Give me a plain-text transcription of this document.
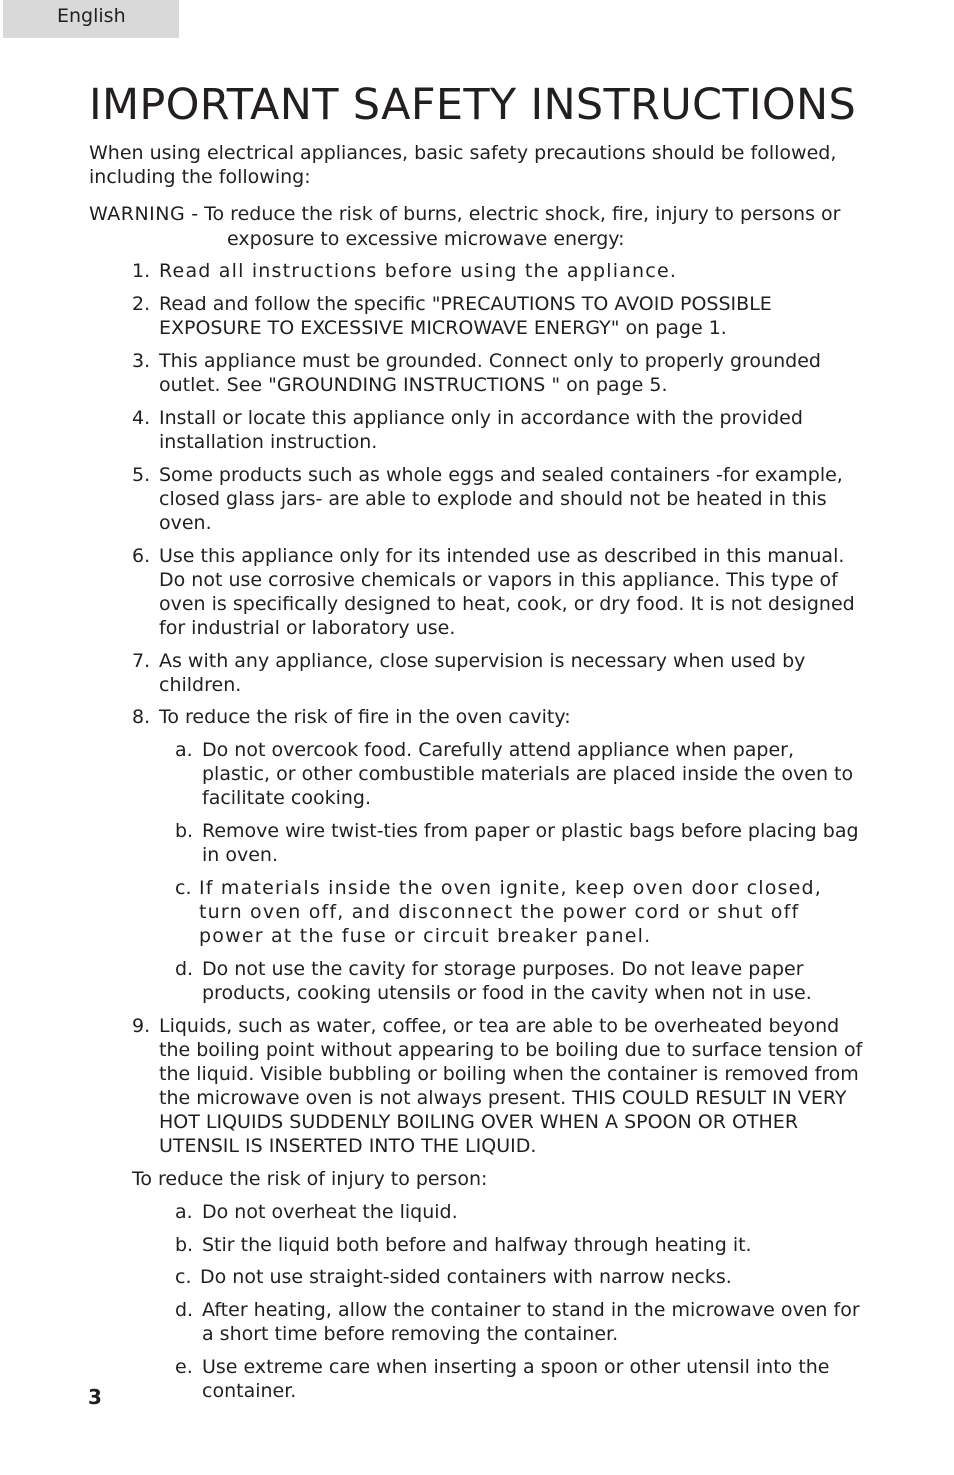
English
IMPORTANT SAFETY INSTRUCTIONS
When using electrical appliances, basic safety precautions should be followed,
including the following:
WARNING - To reduce the risk of burns, electric shock, fire, injury to persons or
exposure to excessive microwave energy:
1. Read all instructions before using the appliance.
2. Read and follow the specific "PRECAUTIONS TO AVOID POSSIBLE
EXPOSURE TO EXCESSIVE MICROWAVE ENERGY" on page 1.
3. This appliance must be grounded. Connect only to properly grounded
outlet. See "GROUNDING INSTRUCTIONS " on page 5.
4. Install or locate this appliance only in accordance with the provided
installation instruction.
5. Some products such as whole eggs and sealed containers -for example,
closed glass jars- are able to explode and should not be heated in this
oven.
6. Use this appliance only for its intended use as described in this manual.
Do not use corrosive chemicals or vapors in this appliance. This type of
oven is specifically designed to heat, cook, or dry food. It is not designed
for industrial or laboratory use.
7. As with any appliance, close supervision is necessary when used by
children.
8. To reduce the risk of fire in the oven cavity:
a. Do not overcook food. Carefully attend appliance when paper,
plastic, or other combustible materials are placed inside the oven to
facilitate cooking.
b. Remove wire twist-ties from paper or plastic bags before placing bag
in oven.
c. If materials inside the oven ignite, keep oven door closed,
turn oven off, and disconnect the power cord or shut off
power at the fuse or circuit breaker panel.
d. Do not use the cavity for storage purposes. Do not leave paper
products, cooking utensils or food in the cavity when not in use.
9. Liquids, such as water, coffee, or tea are able to be overheated beyond
the boiling point without appearing to be boiling due to surface tension of
the liquid. Visible bubbling or boiling when the container is removed from
the microwave oven is not always present. THIS COULD RESULT IN VERY
HOT LIQUIDS SUDDENLY BOILING OVER WHEN A SPOON OR OTHER
UTENSIL IS INSERTED INTO THE LIQUID.
To reduce the risk of injury to person:
a. Do not overheat the liquid.
b. Stir the liquid both before and halfway through heating it.
c. Do not use straight-sided containers with narrow necks.
d. After heating, allow the container to stand in the microwave oven for
a short time before removing the container.
e. Use extreme care when inserting a spoon or other utensil into the
container.
3
